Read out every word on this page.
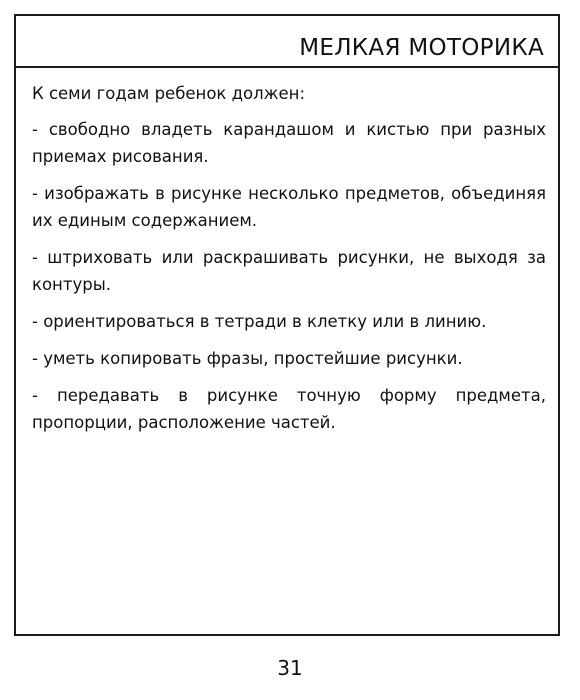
МЕЛКАЯ МОТОРИКА

К семи годам ребенок должен:

- свободно владеть карандашом и кистью при разных приемах рисования.

- изображать в рисунке несколько предметов, объединяя их единым содержанием.

- штриховать или раскрашивать рисунки, не выходя за контуры.

- ориентироваться в тетради в клетку или в линию.

- уметь копировать фразы, простейшие рисунки.

- передавать в рисунке точную форму предмета, пропорции, расположение частей.

31
